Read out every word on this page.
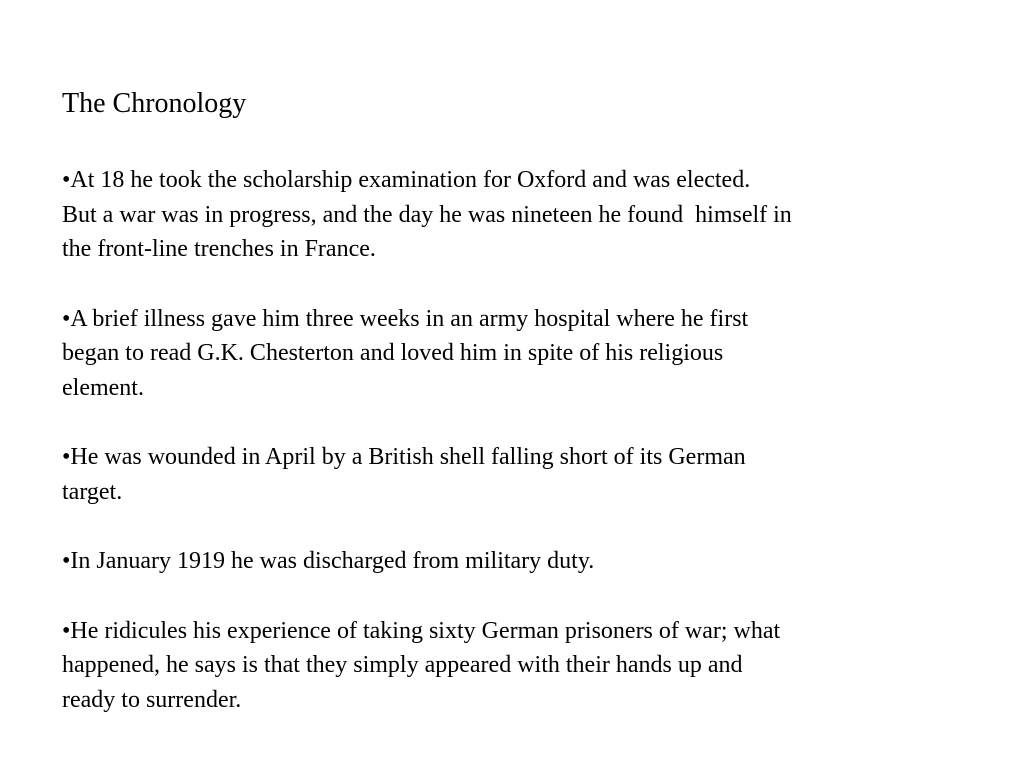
The Chronology
•At 18 he took the scholarship examination for Oxford and was elected.
But a war was in progress, and the day he was nineteen he found  himself in
the front-line trenches in France.
•A brief illness gave him three weeks in an army hospital where he first
began to read G.K. Chesterton and loved him in spite of his religious
element.
•He was wounded in April by a British shell falling short of its German
target.
•In January 1919 he was discharged from military duty.
•He ridicules his experience of taking sixty German prisoners of war; what
happened, he says is that they simply appeared with their hands up and
ready to surrender.
